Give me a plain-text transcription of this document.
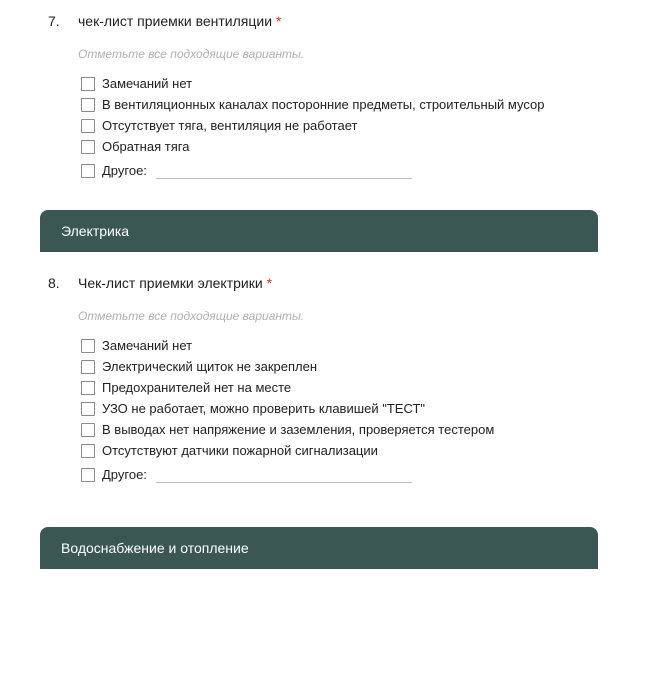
7. чек-лист приемки вентиляции *
Отметьте все подходящие варианты.
Замечаний нет
В вентиляционных каналах посторонние предметы, строительный мусор
Отсутствует тяга, вентиляция не работает
Обратная тяга
Другое:
Электрика
8. Чек-лист приемки электрики *
Отметьте все подходящие варианты.
Замечаний нет
Электрический щиток не закреплен
Предохранителей нет на месте
УЗО не работает, можно проверить клавишей "ТЕСТ"
В выводах нет напряжение и заземления, проверяется тестером
Отсутствуют датчики пожарной сигнализации
Другое:
Водоснабжение и отопление
